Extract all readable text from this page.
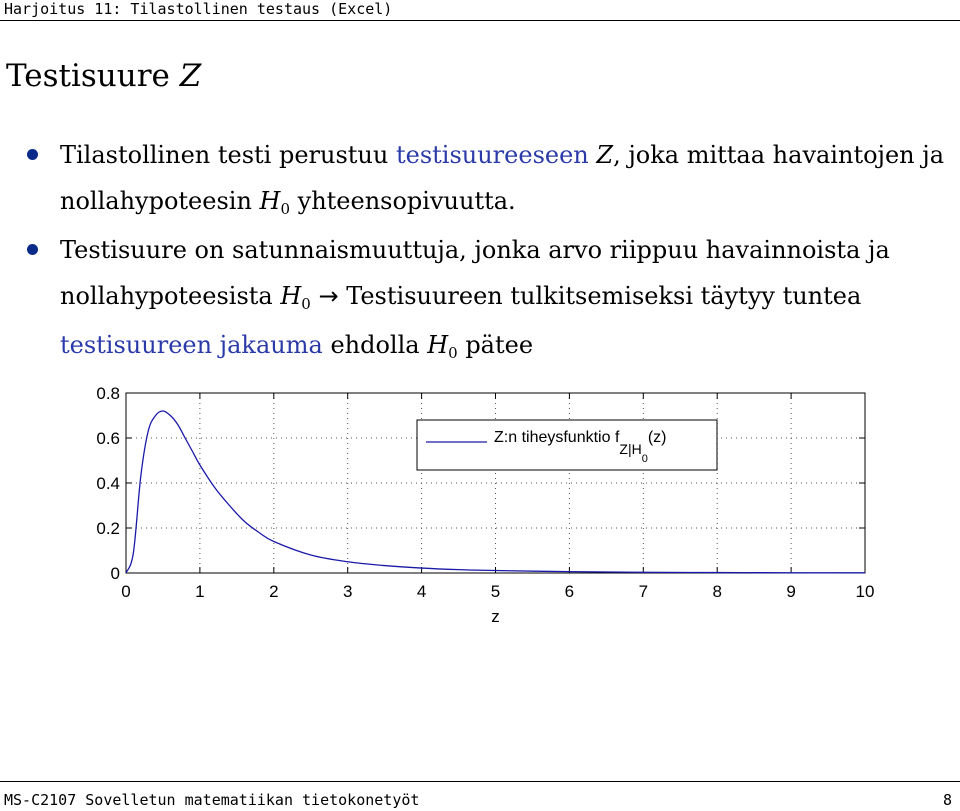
Harjoitus 11: Tilastollinen testaus (Excel)
Testisuure Z
Tilastollinen testi perustuu testisuureeseen Z, joka mittaa havaintojen ja nollahypoteesin $H_0$ yhteensopivuutta.
Testisuure on satunnaismuuttuja, jonka arvo riippuu havainnoista ja nollahypoteesista $H_0$ → Testisuureen tulkitsemiseksi täytyy tuntea testisuureen jakauma ehdolla $H_0$ pätee
0	1	2	3	4	5	6	7	8	9	10
0
0.2
0.4
0.6
0.8
Z:n tiheysfunktio $fZ|H_0(z)$
z
MS-C2107 Sovelletun matematiikan tietokonetyöt	8
